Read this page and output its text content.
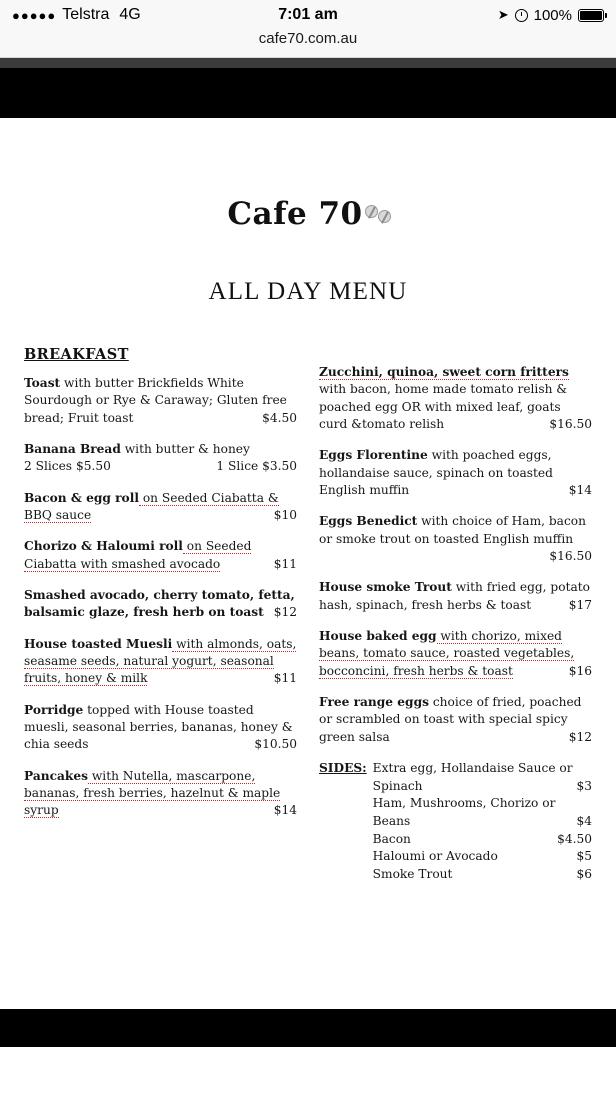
●●●●● Telstra 4G	7:01 am	➤ 100%
cafe70.com.au
Cafe 70
ALL DAY MENU
BREAKFAST
Toast with butter Brickfields White Sourdough or Rye & Caraway; Gluten free bread; Fruit toast	$4.50
Banana Bread with butter & honey
2 Slices $5.50	1 Slice $3.50
Bacon & egg roll on Seeded Ciabatta & BBQ sauce	$10
Chorizo & Haloumi roll on Seeded Ciabatta with smashed avocado	$11
Smashed avocado, cherry tomato, fetta, balsamic glaze, fresh herb on toast $12
House toasted Muesli with almonds, oats, seasame seeds, natural yogurt, seasonal fruits, honey & milk	$11
Porridge topped with House toasted muesli, seasonal berries, bananas, honey & chia seeds	$10.50
Pancakes with Nutella, mascarpone, bananas, fresh berries, hazelnut & maple syrup	$14
Zucchini, quinoa, sweet corn fritters with bacon, home made tomato relish & poached egg OR with mixed leaf, goats curd &tomato relish	$16.50
Eggs Florentine with poached eggs, hollandaise sauce, spinach on toasted English muffin	$14
Eggs Benedict with choice of Ham, bacon or smoke trout on toasted English muffin
$16.50
House smoke Trout with fried egg, potato hash, spinach, fresh herbs & toast	$17
House baked egg with chorizo, mixed beans, tomato sauce, roasted vegetables, bocconcini, fresh herbs & toast	$16
Free range eggs choice of fried, poached or scrambled on toast with special spicy green salsa	$12
SIDES: Extra egg, Hollandaise Sauce or
Spinach	$3
Ham, Mushrooms, Chorizo or
Beans	$4
Bacon	$4.50
Haloumi or Avocado	$5
Smoke Trout	$6
